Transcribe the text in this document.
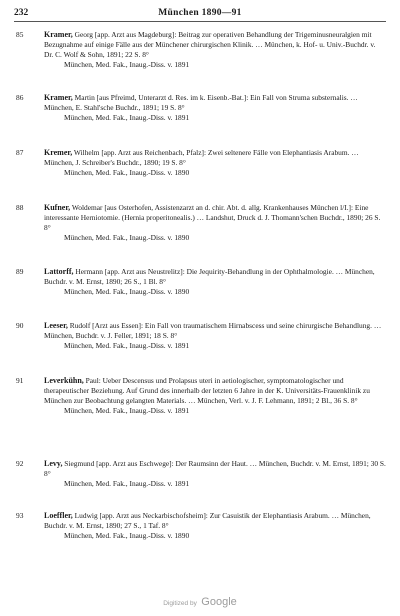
232	München 1890—91
85	Kramer, Georg [app. Arzt aus Magdeburg]: Beitrag zur operativen Behandlung der Trigeminusneuralgien mit Bezugnahme auf einige Fälle aus der Münchener chirurgischen Klinik. … München, k. Hof- u. Univ.-Buchdr. v. Dr. C. Wolf & Sohn, 1891; 22 S. 8°
München, Med. Fak., Inaug.-Diss. v. 1891
86	Kramer, Martin [aus Pfreimd, Unterarzt d. Res. im k. Eisenb.-Bat.]: Ein Fall von Struma substernalis. … München, E. Stahl'sche Buchdr., 1891; 19 S. 8°
München, Med. Fak., Inaug.-Diss. v. 1891
87	Kremer, Wilhelm [app. Arzt aus Reichenbach, Pfalz]: Zwei seltenere Fälle von Elephantiasis Arabum. … München, J. Schreiber's Buchdr., 1890; 19 S. 8°
München, Med. Fak., Inaug.-Diss. v. 1890
88	Kufner, Woldemar [aus Osterhofen, Assistenzarzt an d. chir. Abt. d. allg. Krankenhauses München l/I.]: Eine interessante Herniotomie. (Hernia properitonealis.) … Landshut, Druck d. J. Thomann'schen Buchdr., 1890; 26 S. 8°
München, Med. Fak., Inaug.-Diss. v. 1890
89	Lattorff, Hermann [app. Arzt aus Neustrelitz]: Die Jequirity-Behandlung in der Ophthalmologie. … München, Buchdr. v. M. Ernst, 1890; 26 S., 1 Bl. 8°
München, Med. Fak., Inaug.-Diss. v. 1890
90	Leeser, Rudolf [Arzt aus Essen]: Ein Fall von traumatischem Hirnabscess und seine chirurgische Behandlung. … München, Buchdr. v. J. Feller, 1891; 18 S. 8°
München, Med. Fak., Inaug.-Diss. v. 1891
91	Leverkühn, Paul: Ueber Descensus und Prolapsus uteri in aetiologischer, symptomatologischer und therapeutischer Beziehung. Auf Grund des innerhalb der letzten 6 Jahre in der K. Universitäts-Frauenklinik zu München zur Beobachtung gelangten Materials. … München, Verl. v. J. F. Lehmann, 1891; 2 Bl., 36 S. 8°
München, Med. Fak., Inaug.-Diss. v. 1891
92	Levy, Siegmund [app. Arzt aus Eschwege]: Der Raumsinn der Haut. … München, Buchdr. v. M. Ernst, 1891; 30 S. 8°
München, Med. Fak., Inaug.-Diss. v. 1891
93	Loeffler, Ludwig [app. Arzt aus Neckarbischofsheim]: Zur Casuistik der Elephantiasis Arabum. … München, Buchdr. v. M. Ernst, 1890; 27 S., 1 Taf. 8°
München, Med. Fak., Inaug.-Diss. v. 1890
Digitized by Google
